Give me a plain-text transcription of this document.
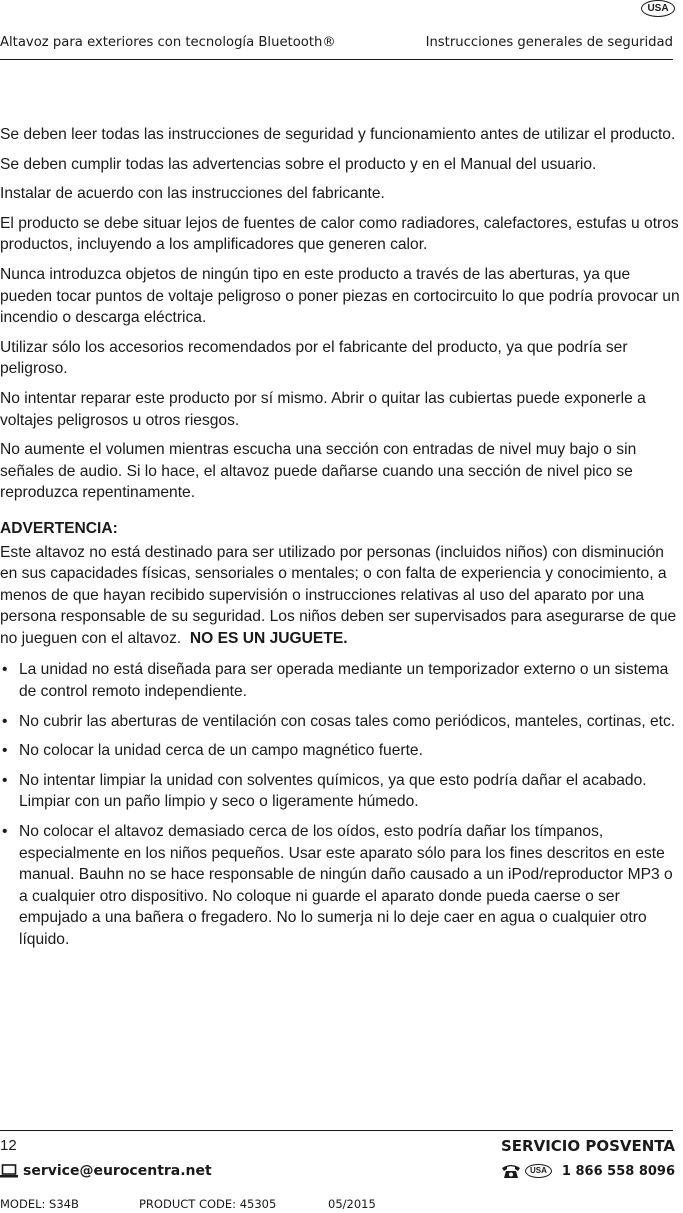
USA
Altavoz para exteriores con tecnología Bluetooth®	Instrucciones generales de seguridad

Se deben leer todas las instrucciones de seguridad y funcionamiento antes de utilizar el producto.

Se deben cumplir todas las advertencias sobre el producto y en el Manual del usuario.

Instalar de acuerdo con las instrucciones del fabricante.

El producto se debe situar lejos de fuentes de calor como radiadores, calefactores, estufas u otros productos, incluyendo a los amplificadores que generen calor.

Nunca introduzca objetos de ningún tipo en este producto a través de las aberturas, ya que pueden tocar puntos de voltaje peligroso o poner piezas en cortocircuito lo que podría provocar un incendio o descarga eléctrica.

Utilizar sólo los accesorios recomendados por el fabricante del producto, ya que podría ser peligroso.

No intentar reparar este producto por sí mismo. Abrir o quitar las cubiertas puede exponerle a voltajes peligrosos u otros riesgos.

No aumente el volumen mientras escucha una sección con entradas de nivel muy bajo o sin señales de audio. Si lo hace, el altavoz puede dañarse cuando una sección de nivel pico se reproduzca repentinamente.

ADVERTENCIA:

Este altavoz no está destinado para ser utilizado por personas (incluidos niños) con disminución en sus capacidades físicas, sensoriales o mentales; o con falta de experiencia y conocimiento, a menos de que hayan recibido supervisión o instrucciones relativas al uso del aparato por una persona responsable de su seguridad. Los niños deben ser supervisados para asegurarse de que no jueguen con el altavoz. NO ES UN JUGUETE.

• La unidad no está diseñada para ser operada mediante un temporizador externo o un sistema de control remoto independiente.
• No cubrir las aberturas de ventilación con cosas tales como periódicos, manteles, cortinas, etc.
• No colocar la unidad cerca de un campo magnético fuerte.
• No intentar limpiar la unidad con solventes químicos, ya que esto podría dañar el acabado. Limpiar con un paño limpio y seco o ligeramente húmedo.
• No colocar el altavoz demasiado cerca de los oídos, esto podría dañar los tímpanos, especialmente en los niños pequeños. Usar este aparato sólo para los fines descritos en este manual. Bauhn no se hace responsable de ningún daño causado a un iPod/reproductor MP3 o a cualquier otro dispositivo. No coloque ni guarde el aparato donde pueda caerse o ser empujado a una bañera o fregadero. No lo sumerja ni lo deje caer en agua o cualquier otro líquido.
12	SERVICIO POSVENTA
service@eurocentra.net	USA	1 866 558 8096
MODEL: S34B	PRODUCT CODE: 45305	05/2015
